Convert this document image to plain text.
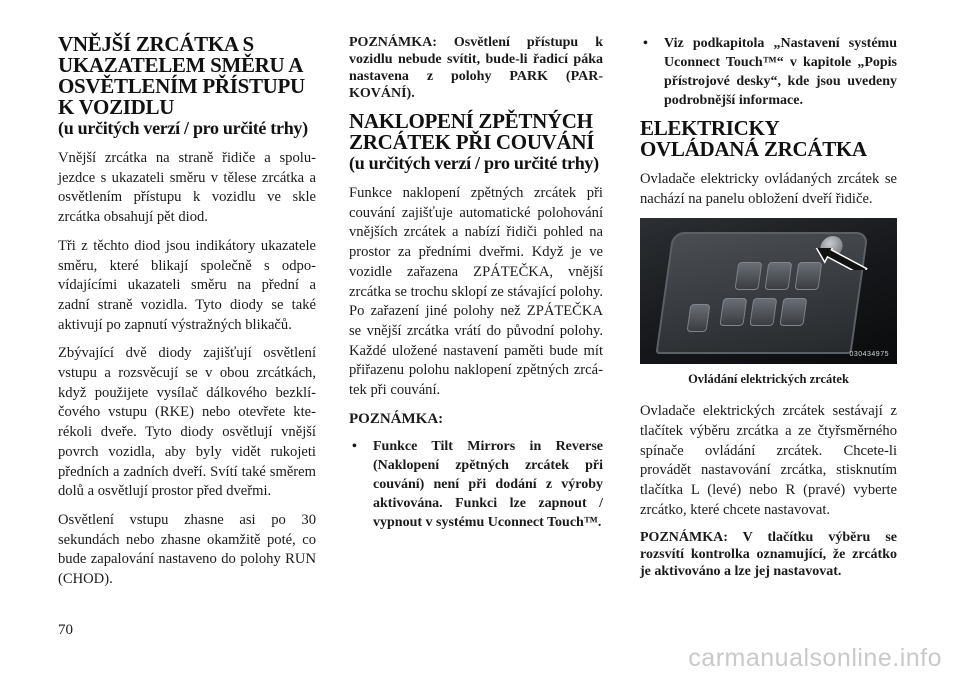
VNĚJŠÍ ZRCÁTKA S UKAZATELEM SMĚRU A OSVĚTLENÍM PŘÍSTUPU K VOZIDLU
(u určitých verzí / pro určité trhy)

Vnější zrcátka na straně řidiče a spolujezdce s ukazateli směru v tělese zrcátka a osvětlením přístupu k vozidlu ve skle zrcátka obsahují pět diod.

Tři z těchto diod jsou indikátory ukazatele směru, které blikají společně s odpovídajícími ukazateli směru na přední a zadní straně vozidla. Tyto diody se také aktivují po zapnutí výstražných blikačů.

Zbývající dvě diody zajišťují osvětlení vstupu a rozsvěcují se v obou zrcátkách, když použijete vysílač dálkového bezklíčového vstupu (RKE) nebo otevřete kterékoli dveře. Tyto diody osvětlují vnější povrch vozidla, aby byly vidět rukojeti předních a zadních dveří. Svítí také směrem dolů a osvětlují prostor před dveřmi.

Osvětlení vstupu zhasne asi po 30 sekundách nebo zhasne okamžitě poté, co bude zapalování nastaveno do polohy RUN (CHOD).

POZNÁMKA: Osvětlení přístupu k vozidlu nebude svítit, bude-li řadicí páka nastavena z polohy PARK (PARKOVÁNÍ).

NAKLOPENÍ ZPĚTNÝCH ZRCÁTEK PŘI COUVÁNÍ
(u určitých verzí / pro určité trhy)

Funkce naklopení zpětných zrcátek při couvání zajišťuje automatické polohování vnějších zrcátek a nabízí řidiči pohled na prostor za předními dveřmi. Když je ve vozidle zařazena ZPÁTEČKA, vnější zrcátka se trochu sklopí ze stávající polohy. Po zařazení jiné polohy než ZPÁTEČKA se vnější zrcátka vrátí do původní polohy. Každé uložené nastavení paměti bude mít přiřazenu polohu naklopení zpětných zrcátek při couvání.

POZNÁMKA:

• Funkce Tilt Mirrors in Reverse (Naklopení zpětných zrcátek při couvání) není při dodání z výroby aktivována. Funkci lze zapnout / vypnout v systému Uconnect Touch™.
• Viz podkapitola „Nastavení systému Uconnect Touch™“ v kapitole „Popis přístrojové desky“, kde jsou uvedeny podrobnější informace.
ELEKTRICKY OVLÁDANÁ ZRCÁTKA

Ovladače elektricky ovládaných zrcátek se nachází na panelu obložení dveří řidiče.

030434975

Ovládání elektrických zrcátek

Ovladače elektrických zrcátek sestávají z tlačítek výběru zrcátka a ze čtyřsměrného spínače ovládání zrcátek. Chcete-li provádět nastavování zrcátka, stisknutím tlačítka L (levé) nebo R (pravé) vyberte zrcátko, které chcete nastavovat.

POZNÁMKA: V tlačítku výběru se rozsvítí kontrolka oznamující, že zrcátko je aktivováno a lze jej nastavovat.

70
carmanualsonline.info
